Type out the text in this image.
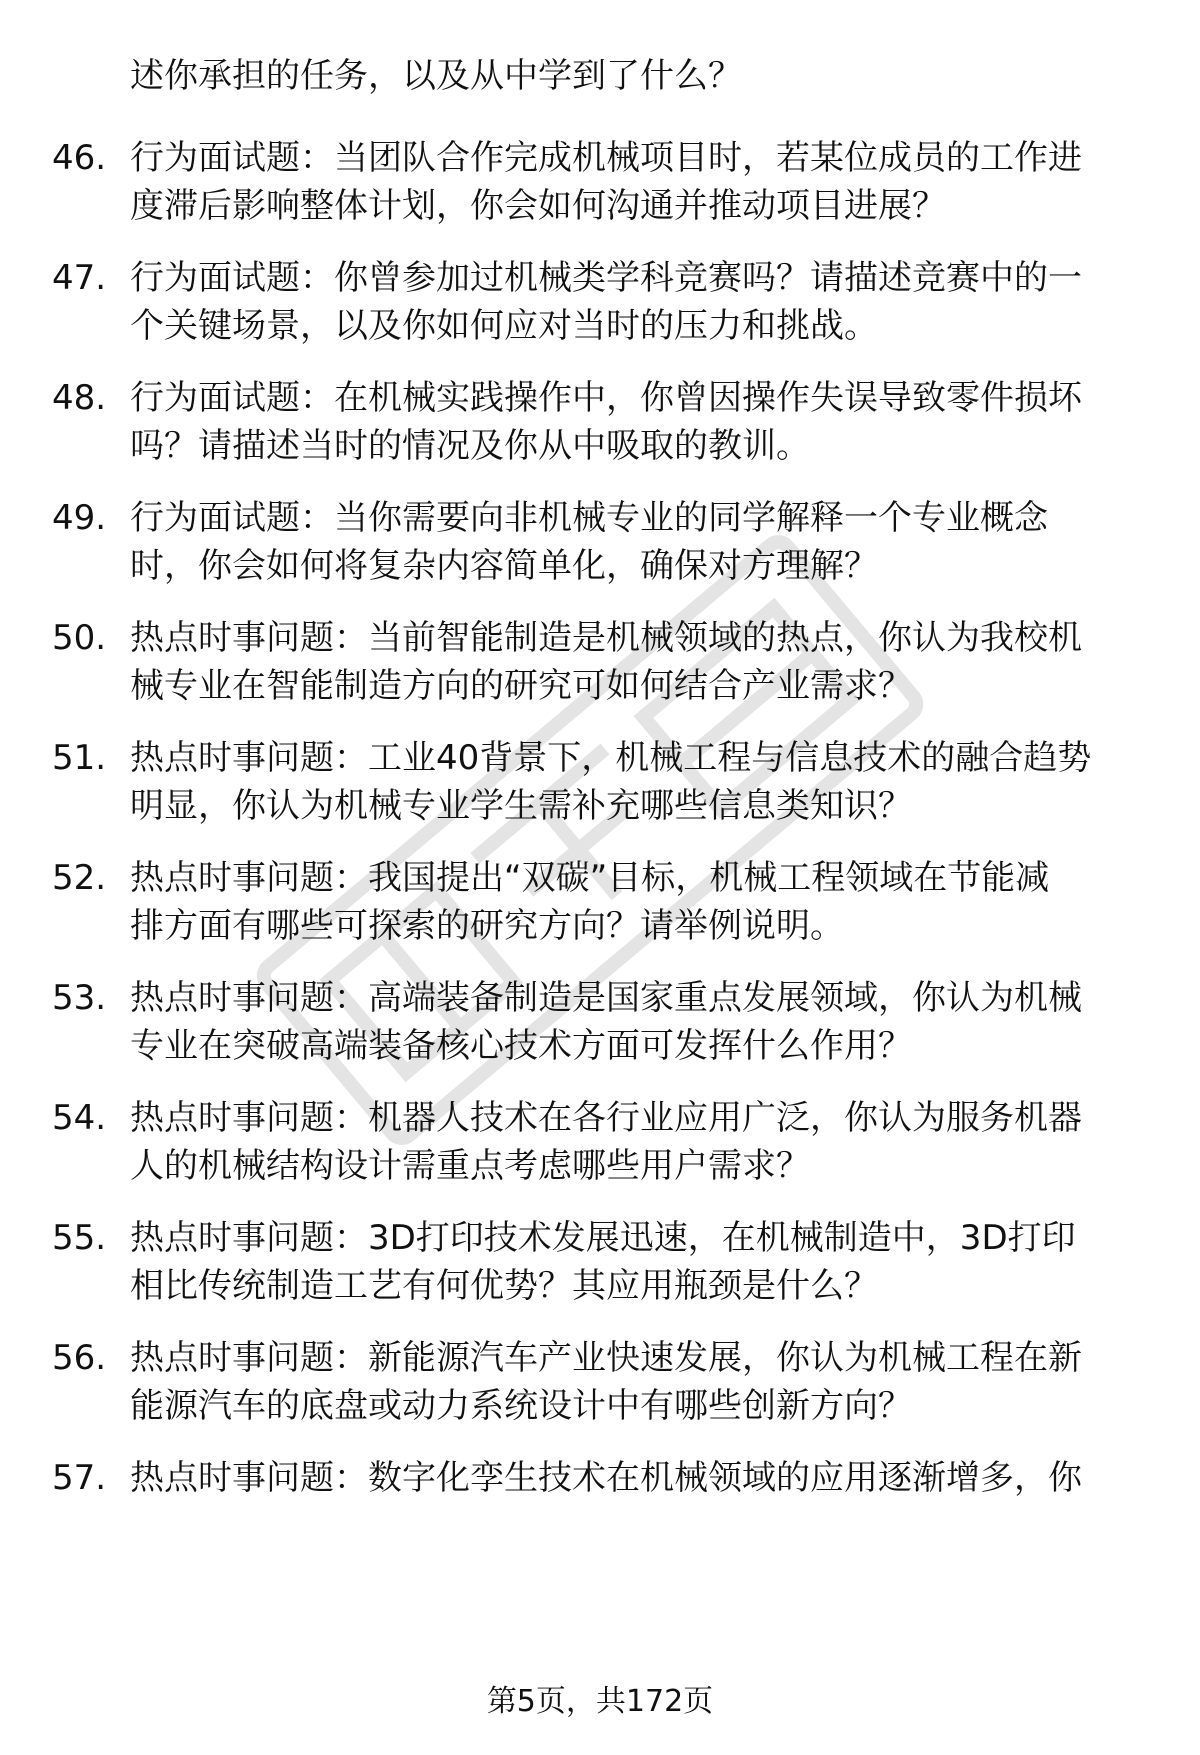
述你承担的任务，以及从中学到了什么？
46. 行为面试题：当团队合作完成机械项目时，若某位成员的工作进
度滞后影响整体计划，你会如何沟通并推动项目进展？
47. 行为面试题：你曾参加过机械类学科竞赛吗？请描述竞赛中的一
个关键场景，以及你如何应对当时的压力和挑战。
48. 行为面试题：在机械实践操作中，你曾因操作失误导致零件损坏
吗？请描述当时的情况及你从中吸取的教训。
49. 行为面试题：当你需要向非机械专业的同学解释一个专业概念
时，你会如何将复杂内容简单化，确保对方理解？
50. 热点时事问题：当前智能制造是机械领域的热点，你认为我校机
械专业在智能制造方向的研究可如何结合产业需求？
51. 热点时事问题：工业40背景下，机械工程与信息技术的融合趋势
明显，你认为机械专业学生需补充哪些信息类知识？
52. 热点时事问题：我国提出“双碳”目标，机械工程领域在节能减
排方面有哪些可探索的研究方向？请举例说明。
53. 热点时事问题：高端装备制造是国家重点发展领域，你认为机械
专业在突破高端装备核心技术方面可发挥什么作用？
54. 热点时事问题：机器人技术在各行业应用广泛，你认为服务机器
人的机械结构设计需重点考虑哪些用户需求？
55. 热点时事问题：3D打印技术发展迅速，在机械制造中，3D打印
相比传统制造工艺有何优势？其应用瓶颈是什么？
56. 热点时事问题：新能源汽车产业快速发展，你认为机械工程在新
能源汽车的底盘或动力系统设计中有哪些创新方向？
57. 热点时事问题：数字化孪生技术在机械领域的应用逐渐增多，你
第5页，共172页
